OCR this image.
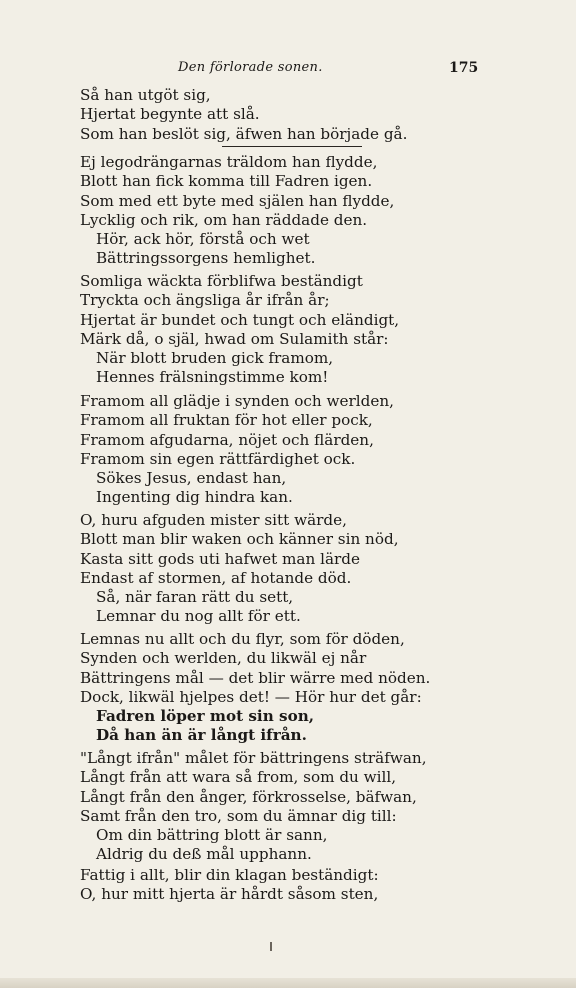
Den förlorade sonen.	175
Så han utgöt sig,
Hjertat begynte att slå.
Som han beslöt sig, äfwen han började gå.
Ej legodrängarnas träldom han flydde,
Blott han fick komma till Fadren igen.
Som med ett byte med själen han flydde,
Lycklig och rik, om han räddade den.
Hör, ack hör, förstå och wet
Bättringssorgens hemlighet.
Somliga wäckta förblifwa beständigt
Tryckta och ängsliga år ifrån år;
Hjertat är bundet och tungt och eländigt,
Märk då, o själ, hwad om Sulamith står:
När blott bruden gick framom,
Hennes frälsningstimme kom!
Framom all glädje i synden och werlden,
Framom all fruktan för hot eller pock,
Framom afgudarna, nöjet och flärden,
Framom sin egen rättfärdighet ock.
Sökes Jesus, endast han,
Ingenting dig hindra kan.
O, huru afguden mister sitt wärde,
Blott man blir waken och känner sin nöd,
Kasta sitt gods uti hafwet man lärde
Endast af stormen, af hotande död.
Så, när faran rätt du sett,
Lemnar du nog allt för ett.
Lemnas nu allt och du flyr, som för döden,
Synden och werlden, du likwäl ej når
Bättringens mål — det blir wärre med nöden.
Dock, likwäl hjelpes det! — Hör hur det går:
Fadren löper mot sin son,
Då han än är långt ifrån.
"Långt ifrån" målet för bättringens sträfwan,
Långt från att wara så from, som du will,
Långt från den ånger, förkrosselse, bäfwan,
Samt från den tro, som du ämnar dig till:
Om din bättring blott är sann,
Aldrig du deß mål upphann.
Fattig i allt, blir din klagan beständigt:
O, hur mitt hjerta är hårdt såsom sten,
